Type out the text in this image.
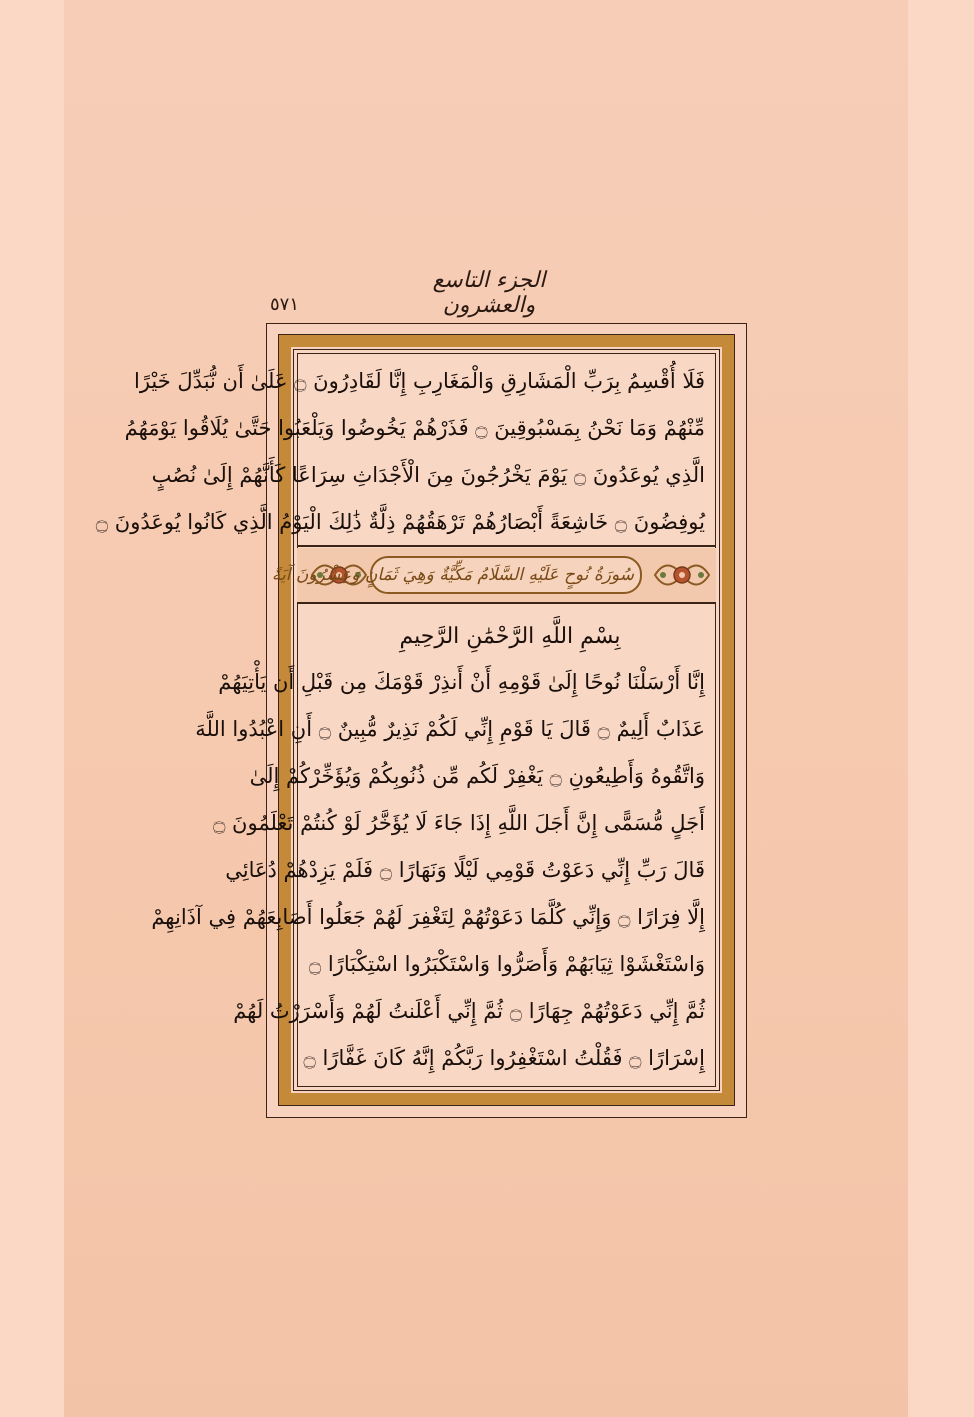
الجزء التاسع والعشرون
٥٧١
فَلَا أُقْسِمُ بِرَبِّ الْمَشَارِقِ وَالْمَغَارِبِ إِنَّا لَقَادِرُونَ ۝ عَلَىٰ أَن نُّبَدِّلَ خَيْرًا
مِّنْهُمْ وَمَا نَحْنُ بِمَسْبُوقِينَ ۝ فَذَرْهُمْ يَخُوضُوا وَيَلْعَبُوا حَتَّىٰ يُلَاقُوا يَوْمَهُمُ
الَّذِي يُوعَدُونَ ۝ يَوْمَ يَخْرُجُونَ مِنَ الْأَجْدَاثِ سِرَاعًا كَأَنَّهُمْ إِلَىٰ نُصُبٍ
يُوفِضُونَ ۝ خَاشِعَةً أَبْصَارُهُمْ تَرْهَقُهُمْ ذِلَّةٌ ذَٰلِكَ الْيَوْمُ الَّذِي كَانُوا يُوعَدُونَ ۝
سُورَةُ نُوحٍ عَلَيْهِ السَّلَامُ مَكِّيَّةٌ وَهِيَ ثَمَانٍ وَعِشْرُونَ آيَةً
بِسْمِ اللَّهِ الرَّحْمَٰنِ الرَّحِيمِ
إِنَّا أَرْسَلْنَا نُوحًا إِلَىٰ قَوْمِهِ أَنْ أَنذِرْ قَوْمَكَ مِن قَبْلِ أَن يَأْتِيَهُمْ
عَذَابٌ أَلِيمٌ ۝ قَالَ يَا قَوْمِ إِنِّي لَكُمْ نَذِيرٌ مُّبِينٌ ۝ أَنِ اعْبُدُوا اللَّهَ
وَاتَّقُوهُ وَأَطِيعُونِ ۝ يَغْفِرْ لَكُم مِّن ذُنُوبِكُمْ وَيُؤَخِّرْكُمْ إِلَىٰ
أَجَلٍ مُّسَمًّى إِنَّ أَجَلَ اللَّهِ إِذَا جَاءَ لَا يُؤَخَّرُ لَوْ كُنتُمْ تَعْلَمُونَ ۝
قَالَ رَبِّ إِنِّي دَعَوْتُ قَوْمِي لَيْلًا وَنَهَارًا ۝ فَلَمْ يَزِدْهُمْ دُعَائِي
إِلَّا فِرَارًا ۝ وَإِنِّي كُلَّمَا دَعَوْتُهُمْ لِتَغْفِرَ لَهُمْ جَعَلُوا أَصَابِعَهُمْ فِي آذَانِهِمْ
وَاسْتَغْشَوْا ثِيَابَهُمْ وَأَصَرُّوا وَاسْتَكْبَرُوا اسْتِكْبَارًا ۝
ثُمَّ إِنِّي دَعَوْتُهُمْ جِهَارًا ۝ ثُمَّ إِنِّي أَعْلَنتُ لَهُمْ وَأَسْرَرْتُ لَهُمْ
إِسْرَارًا ۝ فَقُلْتُ اسْتَغْفِرُوا رَبَّكُمْ إِنَّهُ كَانَ غَفَّارًا ۝
